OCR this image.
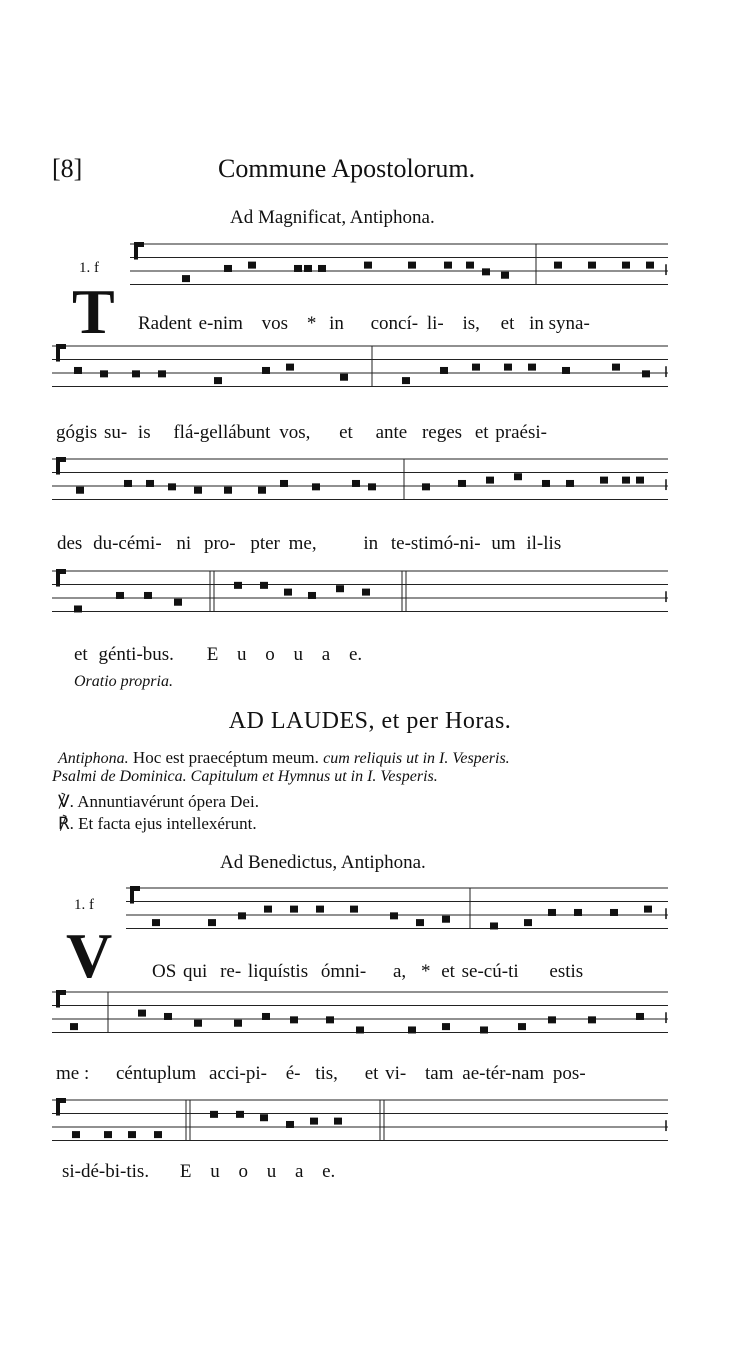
[8]	Commune Apostolorum.
Ad Magnificat, Antiphona.
1. f
T Radent e-nim vos * in concí- li- is, et in syna-
gógis su- is flá-gellábunt vos, et ante reges et praési-
des du-cémi- ni pro- pter me, in te-stimó-ni- um il-lis
et génti-bus. E u o u a e.
Oratio propria.
AD LAUDES, et per Horas.
Antiphona. Hoc est praecéptum meum. cum reliquis ut in I. Vesperis.
Psalmi de Dominica. Capitulum et Hymnus ut in I. Vesperis.
℣. Annuntiavérunt ópera Dei.
℟. Et facta ejus intellexérunt.
Ad Benedictus, Antiphona.
1. f
V OS qui re- liquístis ómni- a, * et se-cú-ti estis
me : céntuplum acci-pi- é- tis, et vi- tam ae-tér-nam pos-
si-dé-bi-tis. E u o u a e.
